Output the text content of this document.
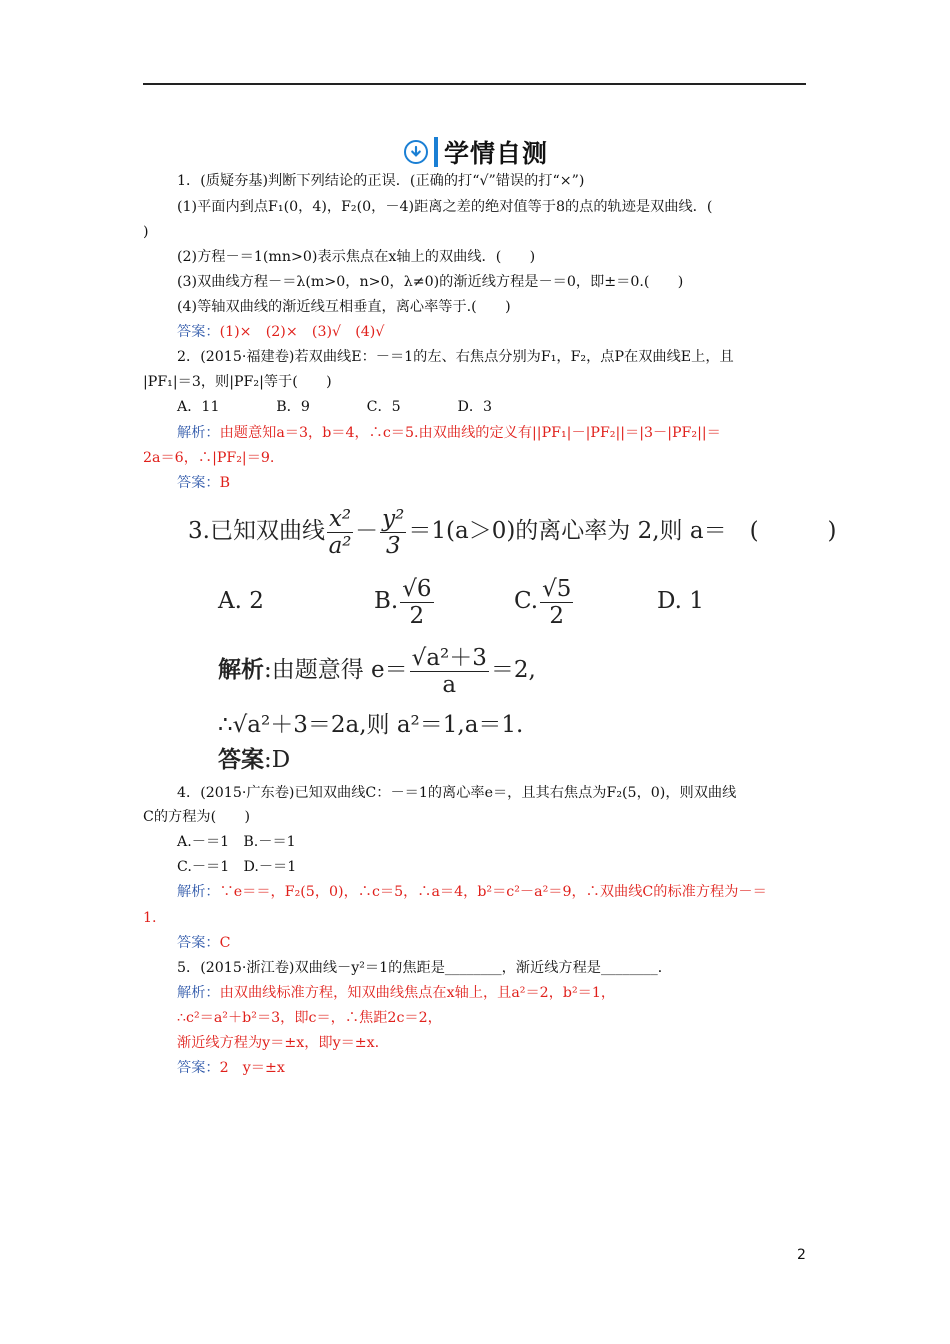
学情自测
1．(质疑夯基)判断下列结论的正误．(正确的打“√”错误的打“×”)
(1)平面内到点F₁(0，4)，F₂(0，－4)距离之差的绝对值等于8的点的轨迹是双曲线．(
)
(2)方程－＝1(mn>0)表示焦点在x轴上的双曲线．(　　)
(3)双曲线方程－＝λ(m>0，n>0，λ≠0)的渐近线方程是－＝0，即±＝0.(　　)
(4)等轴双曲线的渐近线互相垂直，离心率等于.(　　)
答案：(1)×　(2)×　(3)√　(4)√
2．(2015·福建卷)若双曲线E：－＝1的左、右焦点分别为F₁，F₂，点P在双曲线E上，且
|PF₁|＝3，则|PF₂|等于(　　)
A．11　　　　B．9　　　　C．5　　　　D．3
解析：由题意知a＝3，b＝4，∴c＝5.由双曲线的定义有||PF₁|－|PF₂||＝|3－|PF₂||＝
2a＝6，∴|PF₂|＝9.
答案：B
3.已知双曲线 $\frac{\text{x²}}{\text{a²}} - \frac{\text{y²}}{3} =1(a>0)$的离心率为 2,则 a＝　(　　　)
A. 2	B. $\frac{√6}{2}$	C. $\frac{√5}{2}$	D. 1
解析:由题意得 $e= \frac{\text{√a²＋3}}{a} =2$,
∴√a²＋3＝2a,则 a²＝1,a＝1.
答案:D
4．(2015·广东卷)已知双曲线C：－＝1的离心率e＝，且其右焦点为F₂(5，0)，则双曲线
C的方程为(　　)
A.－＝1　B.－＝1
C.－＝1　D.－＝1
解析：∵e＝＝，F₂(5，0)，∴c＝5，∴a＝4，b²＝c²－a²＝9，∴双曲线C的标准方程为－＝
1.
答案：C
5．(2015·浙江卷)双曲线－y²＝1的焦距是________，渐近线方程是________．
解析：由双曲线标准方程，知双曲线焦点在x轴上，且a²＝2，b²＝1，
∴c²＝a²＋b²＝3，即c＝，∴焦距2c＝2，
渐近线方程为y＝±x，即y＝±x.
答案：2　y＝±x
2
